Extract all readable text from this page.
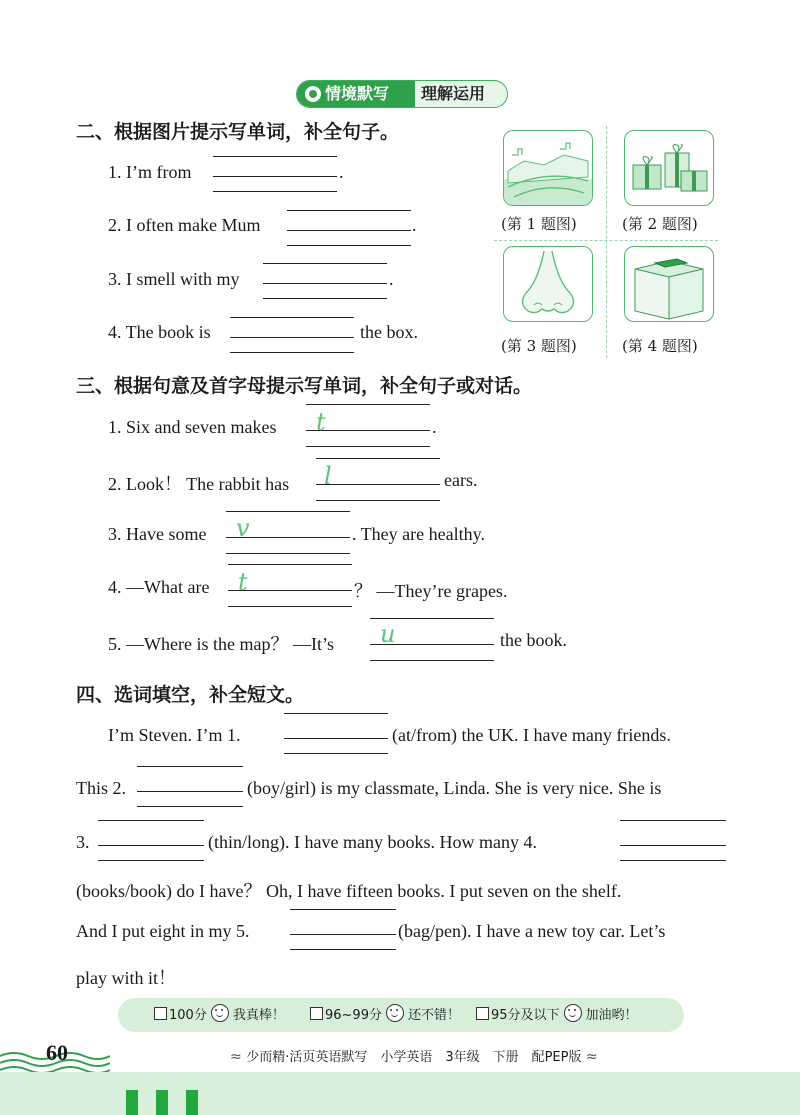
情境默写	理解运用
二、根据图片提示写单词，补全句子。
1. I’m from	.
2. I often make Mum	.
3. I smell with my	.
4. The book is	the box.
(第 1 题图)	(第 2 题图)
(第 3 题图)	(第 4 题图)
三、根据句意及首字母提示写单词，补全句子或对话。
1. Six and seven makes t	.
2. Look！ The rabbit has l	ears.
3. Have some v	. They are healthy.
4. —What are t	？ —They’re grapes.
5. —Where is the map？ —It’s u	the book.
四、选词填空，补全短文。
I’m Steven. I’m 1.	(at/from) the UK. I have many friends.
This 2.	(boy/girl) is my classmate, Linda. She is very nice. She is
3.	(thin/long). I have many books. How many 4.
(books/book) do I have？ Oh, I have fifteen books. I put seven on the shelf.
And I put eight in my 5.	(bag/pen). I have a new toy car. Let’s
play with it！
100分 我真棒！	96~99分 还不错！	95分及以下 加油哟！
60	≈ 少而精·活页英语默写　小学英语　3年级　下册　配PEP版 ≈
